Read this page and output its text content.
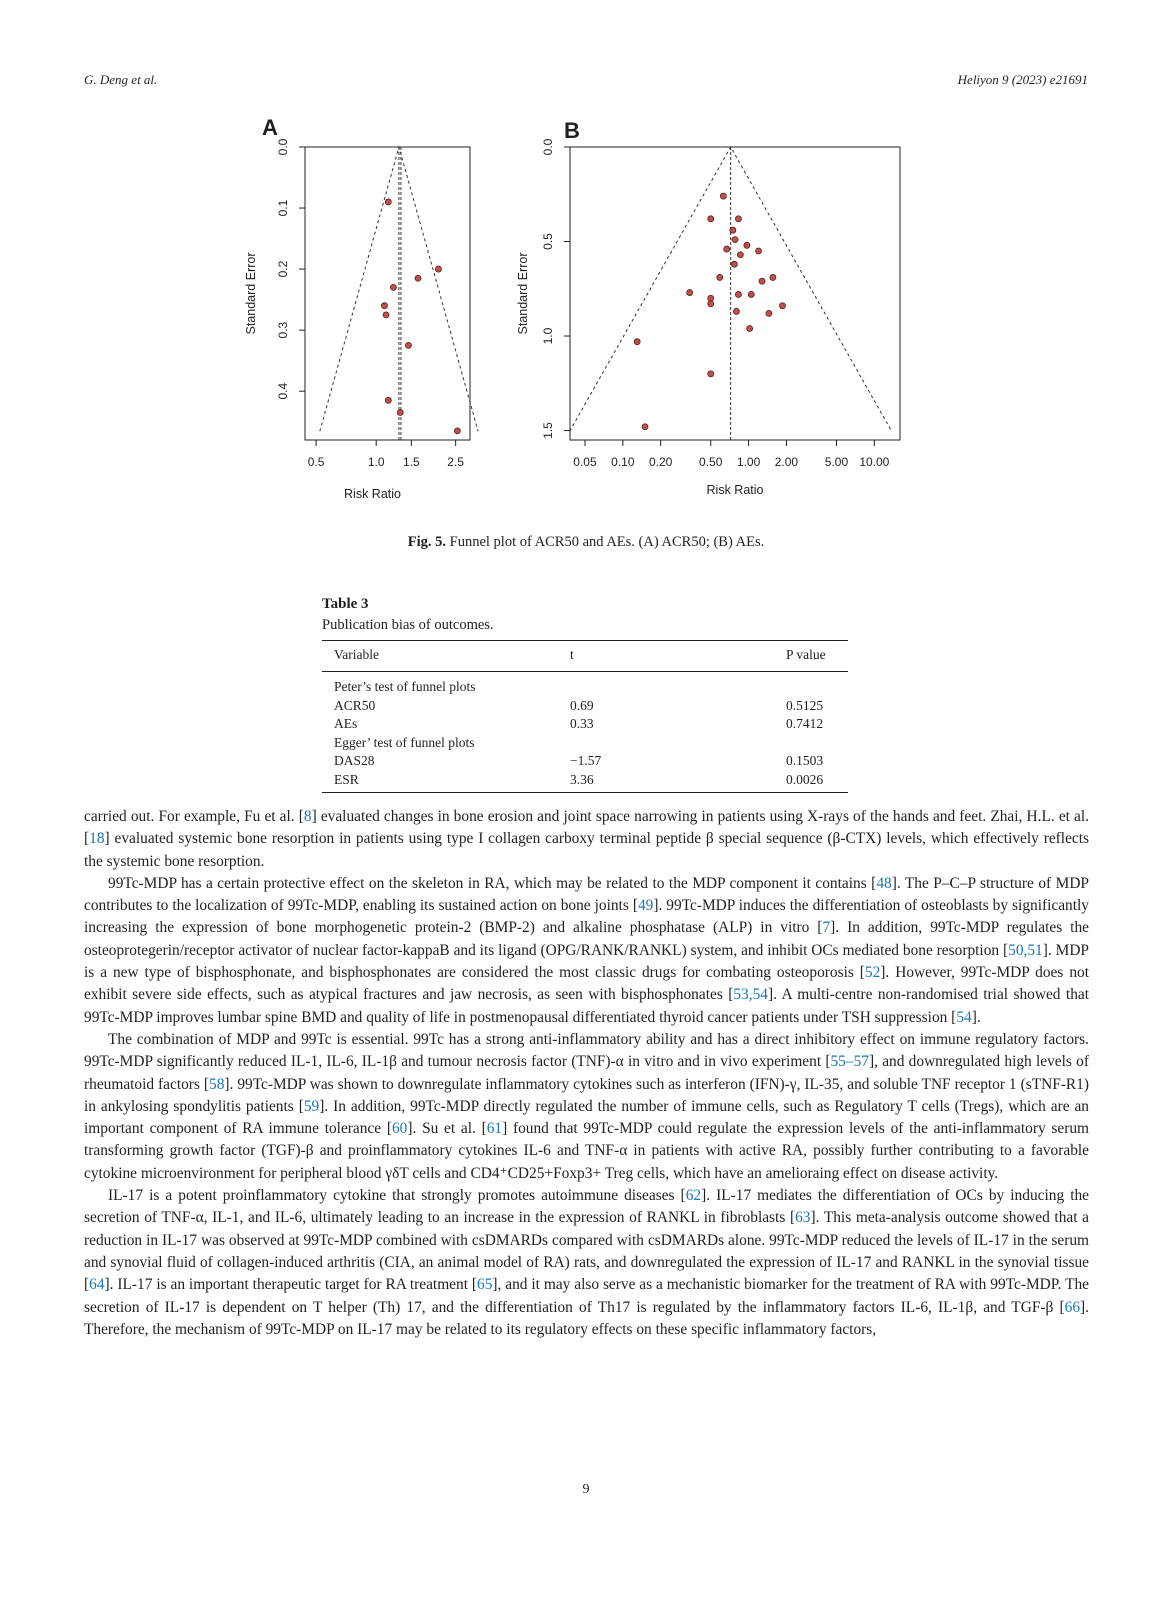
G. Deng et al.	Heliyon 9 (2023) e21691
A
0.5	1.0 1.5 2.5
0.0
0.1
0.2
0.3
0.4
Risk Ratio
Standard Error
B
0.05 0.10 0.20 0.50 1.00 2.00 5.00 10.00
0.0
0.5
1.0
1.5
Risk Ratio
Standard Error
Fig. 5. Funnel plot of ACR50 and AEs. (A) ACR50; (B) AEs.
Table 3
Publication bias of outcomes.
Variable	t	P value
Peter’s test of funnel plots		
ACR50	0.69	0.5125
AEs	0.33	0.7412
Egger’ test of funnel plots		
DAS28	−1.57	0.1503
ESR	3.36	0.0026

carried out. For example, Fu et al. [8] evaluated changes in bone erosion and joint space narrowing in patients using X-rays of the hands and feet. Zhai, H.L. et al. [18] evaluated systemic bone resorption in patients using type I collagen carboxy terminal peptide β special sequence (β-CTX) levels, which effectively reflects the systemic bone resorption.

99Tc-MDP has a certain protective effect on the skeleton in RA, which may be related to the MDP component it contains [48]. The P–C–P structure of MDP contributes to the localization of 99Tc-MDP, enabling its sustained action on bone joints [49]. 99Tc-MDP induces the differentiation of osteoblasts by significantly increasing the expression of bone morphogenetic protein-2 (BMP-2) and alkaline phosphatase (ALP) in vitro [7]. In addition, 99Tc-MDP regulates the osteoprotegerin/receptor activator of nuclear factor-kappaB and its ligand (OPG/RANK/RANKL) system, and inhibit OCs mediated bone resorption [50,51]. MDP is a new type of bisphosphonate, and bisphosphonates are considered the most classic drugs for combating osteoporosis [52]. However, 99Tc-MDP does not exhibit severe side effects, such as atypical fractures and jaw necrosis, as seen with bisphosphonates [53,54]. A multi-centre non-randomised trial showed that 99Tc-MDP improves lumbar spine BMD and quality of life in postmenopausal differentiated thyroid cancer patients under TSH suppression [54].

The combination of MDP and 99Tc is essential. 99Tc has a strong anti-inflammatory ability and has a direct inhibitory effect on immune regulatory factors. 99Tc-MDP significantly reduced IL-1, IL-6, IL-1β and tumour necrosis factor (TNF)-α in vitro and in vivo experiment [55–57], and downregulated high levels of rheumatoid factors [58]. 99Tc-MDP was shown to downregulate inflammatory cytokines such as interferon (IFN)-γ, IL-35, and soluble TNF receptor 1 (sTNF-R1) in ankylosing spondylitis patients [59]. In addition, 99Tc-MDP directly regulated the number of immune cells, such as Regulatory T cells (Tregs), which are an important component of RA immune tolerance [60]. Su et al. [61] found that 99Tc-MDP could regulate the expression levels of the anti-inflammatory serum transforming growth factor (TGF)-β and proinflammatory cytokines IL-6 and TNF-α in patients with active RA, possibly further contributing to a favorable cytokine microenvironment for peripheral blood γδT cells and CD4⁺CD25+Foxp3+ Treg cells, which have an amelioraing effect on disease activity.

IL-17 is a potent proinflammatory cytokine that strongly promotes autoimmune diseases [62]. IL-17 mediates the differentiation of OCs by inducing the secretion of TNF-α, IL-1, and IL-6, ultimately leading to an increase in the expression of RANKL in fibroblasts [63]. This meta-analysis outcome showed that a reduction in IL-17 was observed at 99Tc-MDP combined with csDMARDs compared with csDMARDs alone. 99Tc-MDP reduced the levels of IL-17 in the serum and synovial fluid of collagen-induced arthritis (CIA, an animal model of RA) rats, and downregulated the expression of IL-17 and RANKL in the synovial tissue [64]. IL-17 is an important therapeutic target for RA treatment [65], and it may also serve as a mechanistic biomarker for the treatment of RA with 99Tc-MDP. The secretion of IL-17 is dependent on T helper (Th) 17, and the differentiation of Th17 is regulated by the inflammatory factors IL-6, IL-1β, and TGF-β [66]. Therefore, the mechanism of 99Tc-MDP on IL-17 may be related to its regulatory effects on these specific inflammatory factors,

9
